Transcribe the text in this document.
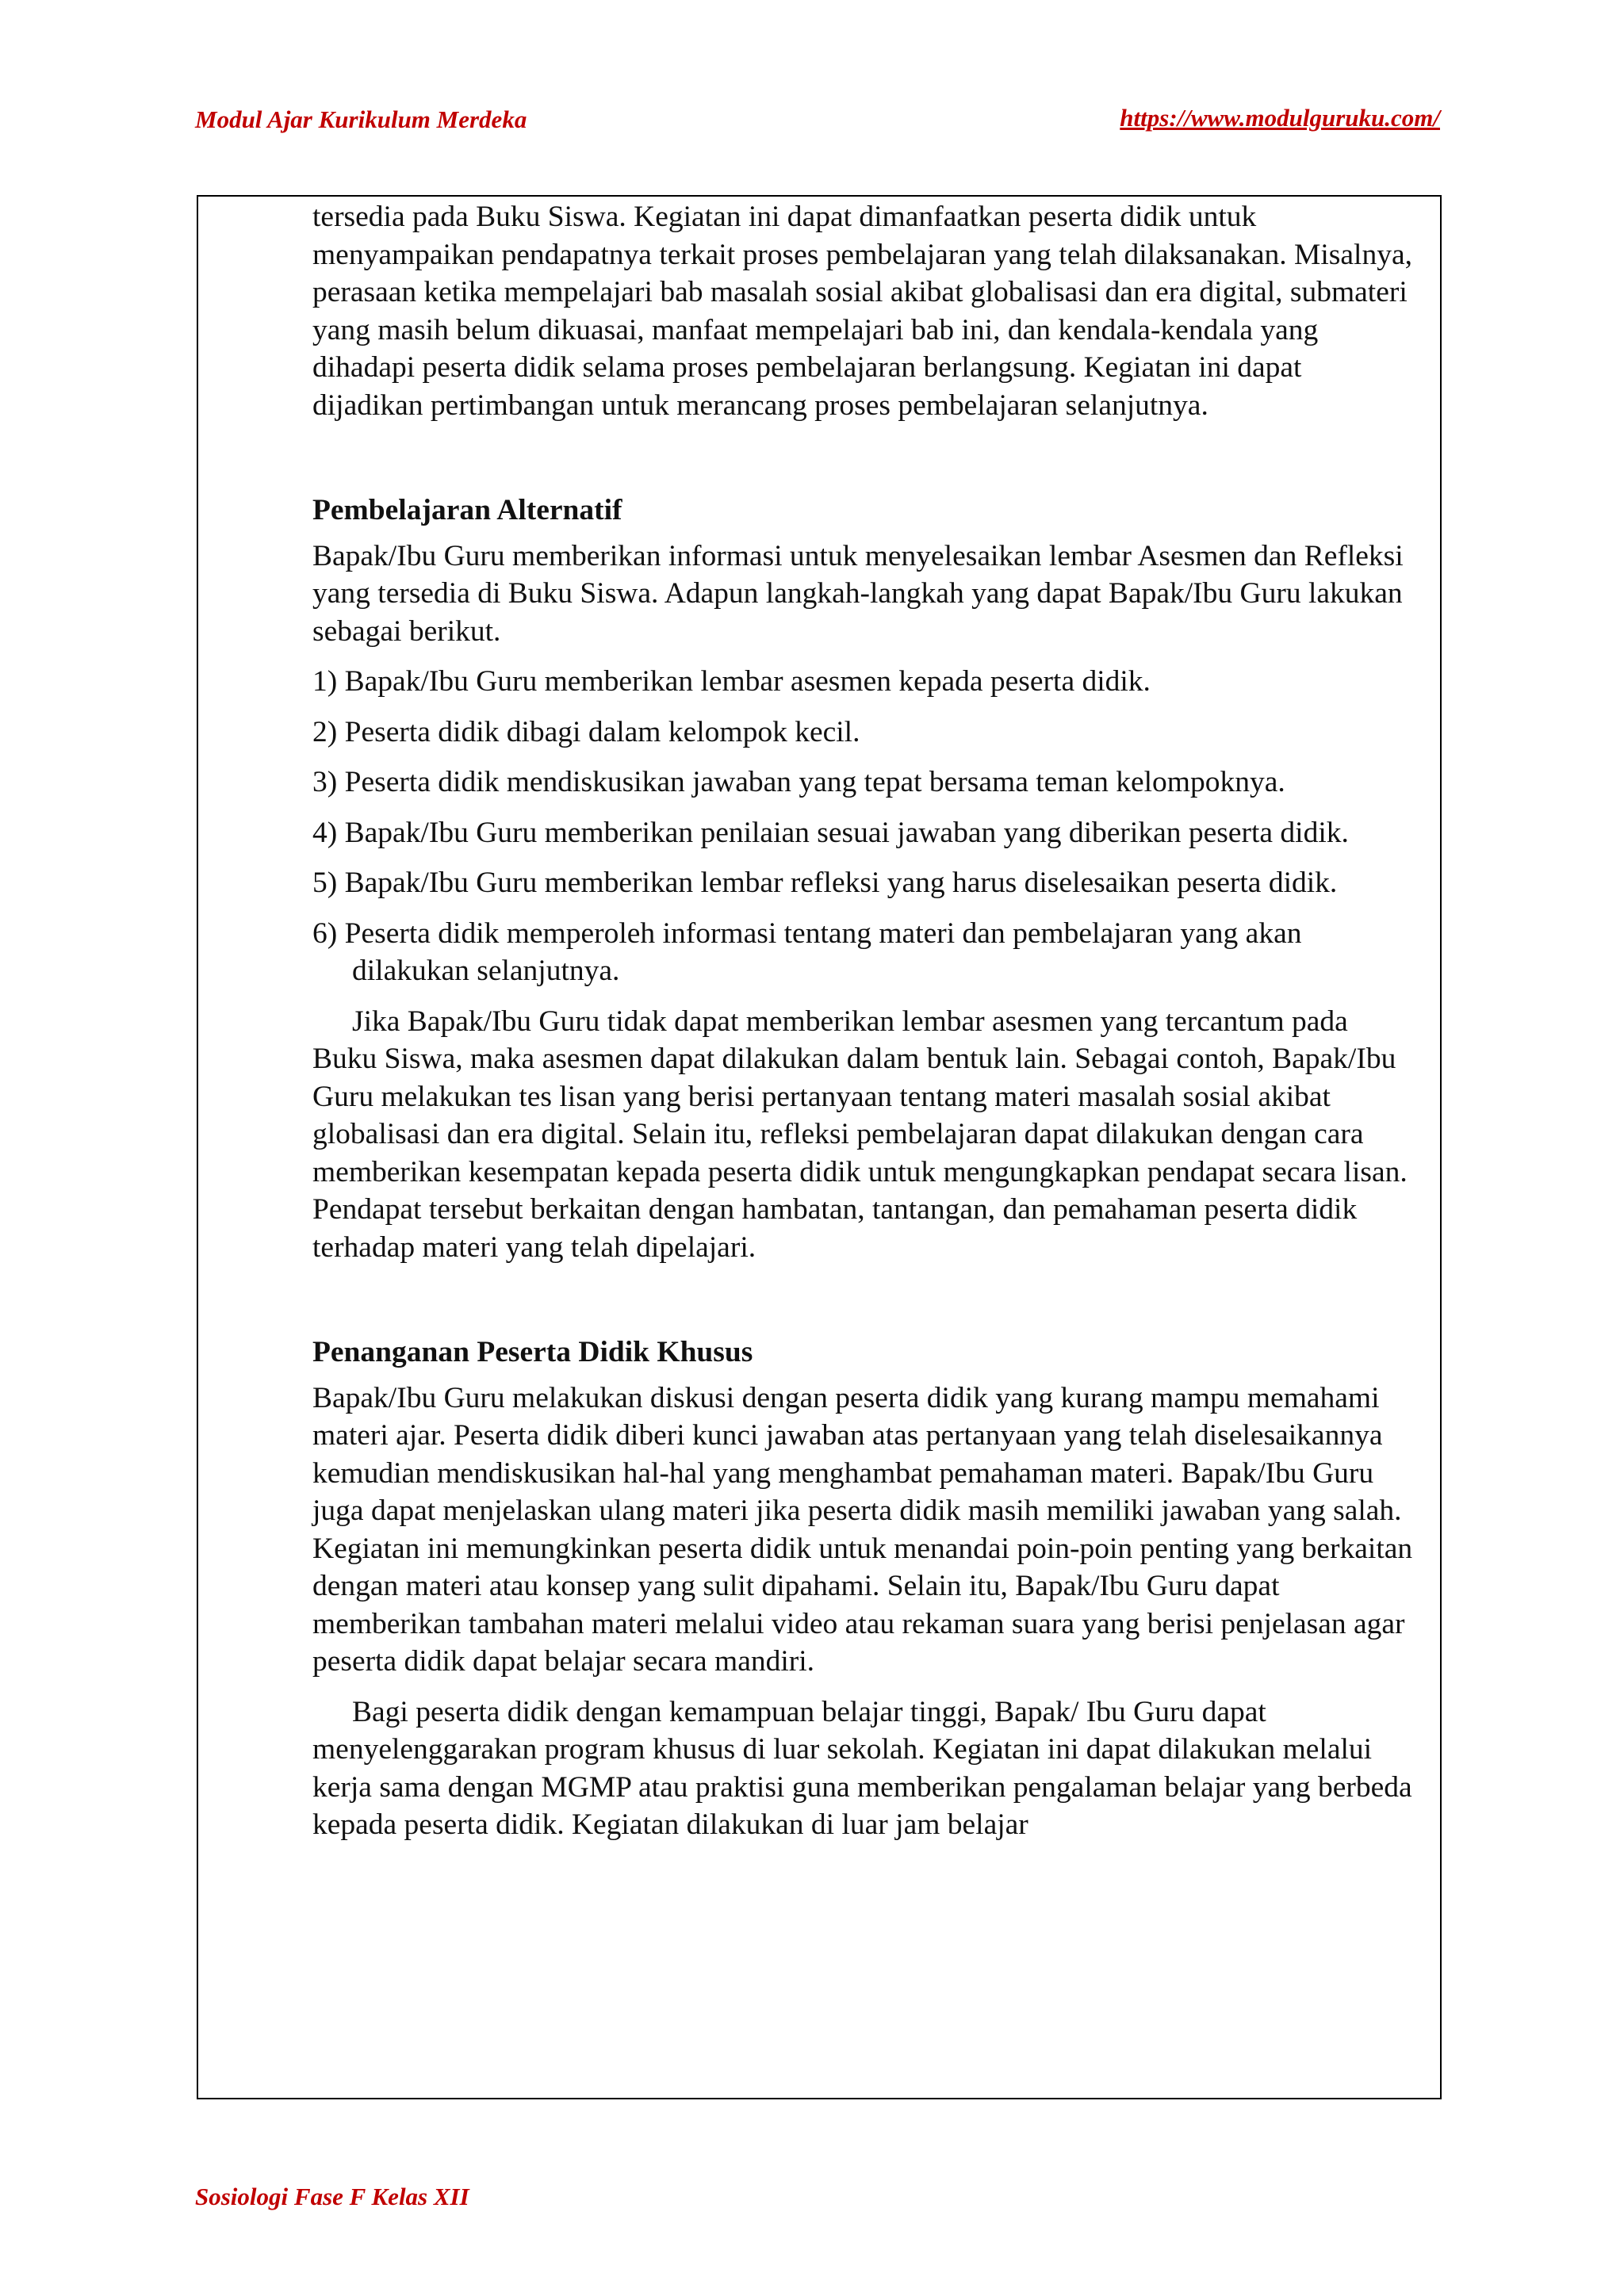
Modul Ajar Kurikulum Merdeka	https://www.modulguruku.com/

tersedia pada Buku Siswa. Kegiatan ini dapat dimanfaatkan peserta didik untuk menyampaikan pendapatnya terkait proses pembelajaran yang telah dilaksanakan. Misalnya, perasaan ketika mempelajari bab masalah sosial akibat globalisasi dan era digital, submateri yang masih belum dikuasai, manfaat mempelajari bab ini, dan kendala-kendala yang dihadapi peserta didik selama proses pembelajaran berlangsung. Kegiatan ini dapat dijadikan pertimbangan untuk merancang proses pembelajaran selanjutnya.

Pembelajaran Alternatif

Bapak/Ibu Guru memberikan informasi untuk menyelesaikan lembar Asesmen dan Refleksi yang tersedia di Buku Siswa. Adapun langkah-langkah yang dapat Bapak/Ibu Guru lakukan sebagai berikut.

1) Bapak/Ibu Guru memberikan lembar asesmen kepada peserta didik.

2) Peserta didik dibagi dalam kelompok kecil.

3) Peserta didik mendiskusikan jawaban yang tepat bersama teman kelompoknya.

4) Bapak/Ibu Guru memberikan penilaian sesuai jawaban yang diberikan peserta didik.

5) Bapak/Ibu Guru memberikan lembar refleksi yang harus diselesaikan peserta didik.

6) Peserta didik memperoleh informasi tentang materi dan pembelajaran yang akan dilakukan selanjutnya.

Jika Bapak/Ibu Guru tidak dapat memberikan lembar asesmen yang tercantum pada Buku Siswa, maka asesmen dapat dilakukan dalam bentuk lain. Sebagai contoh, Bapak/Ibu Guru melakukan tes lisan yang berisi pertanyaan tentang materi masalah sosial akibat globalisasi dan era digital. Selain itu, refleksi pembelajaran dapat dilakukan dengan cara memberikan kesempatan kepada peserta didik untuk mengungkapkan pendapat secara lisan. Pendapat tersebut berkaitan dengan hambatan, tantangan, dan pemahaman peserta didik terhadap materi yang telah dipelajari.

Penanganan Peserta Didik Khusus

Bapak/Ibu Guru melakukan diskusi dengan peserta didik yang kurang mampu memahami materi ajar. Peserta didik diberi kunci jawaban atas pertanyaan yang telah diselesaikannya kemudian mendiskusikan hal-hal yang menghambat pemahaman materi. Bapak/Ibu Guru juga dapat menjelaskan ulang materi jika peserta didik masih memiliki jawaban yang salah. Kegiatan ini memungkinkan peserta didik untuk menandai poin-poin penting yang berkaitan dengan materi atau konsep yang sulit dipahami. Selain itu, Bapak/Ibu Guru dapat memberikan tambahan materi melalui video atau rekaman suara yang berisi penjelasan agar peserta didik dapat belajar secara mandiri.

Bagi peserta didik dengan kemampuan belajar tinggi, Bapak/ Ibu Guru dapat menyelenggarakan program khusus di luar sekolah. Kegiatan ini dapat dilakukan melalui kerja sama dengan MGMP atau praktisi guna memberikan pengalaman belajar yang berbeda kepada peserta didik. Kegiatan dilakukan di luar jam belajar

Sosiologi Fase F Kelas XII
